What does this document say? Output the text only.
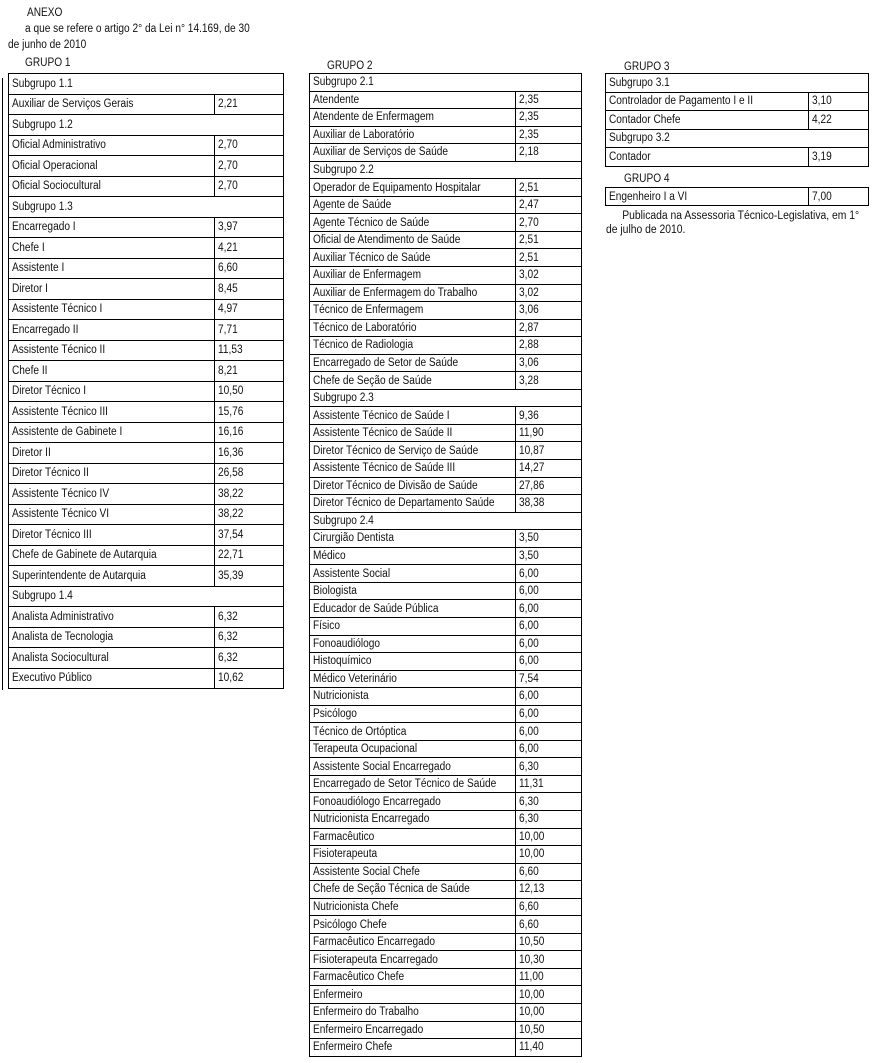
ANEXO
a que se refere o artigo 2° da Lei n° 14.169, de 30
de junho de 2010
GRUPO 1
Subgrupo 1.1	
Auxiliar de Serviços Gerais	2,21
Subgrupo 1.2	
Oficial Administrativo	2,70
Oficial Operacional	2,70
Oficial Sociocultural	2,70
Subgrupo 1.3	
Encarregado I	3,97
Chefe I	4,21
Assistente I	6,60
Diretor I	8,45
Assistente Técnico I	4,97
Encarregado II	7,71
Assistente Técnico II	11,53
Chefe II	8,21
Diretor Técnico I	10,50
Assistente Técnico III	15,76
Assistente de Gabinete I	16,16
Diretor II	16,36
Diretor Técnico II	26,58
Assistente Técnico IV	38,22
Assistente Técnico VI	38,22
Diretor Técnico III	37,54
Chefe de Gabinete de Autarquia	22,71
Superintendente de Autarquia	35,39
Subgrupo 1.4	
Analista Administrativo	6,32
Analista de Tecnologia	6,32
Analista Sociocultural	6,32
Executivo Público	10,62
GRUPO 2
Subgrupo 2.1	
Atendente	2,35
Atendente de Enfermagem	2,35
Auxiliar de Laboratório	2,35
Auxiliar de Serviços de Saúde	2,18
Subgrupo 2.2	
Operador de Equipamento Hospitalar	2,51
Agente de Saúde	2,47
Agente Técnico de Saúde	2,70
Oficial de Atendimento de Saúde	2,51
Auxiliar Técnico de Saúde	2,51
Auxiliar de Enfermagem	3,02
Auxiliar de Enfermagem do Trabalho	3,02
Técnico de Enfermagem	3,06
Técnico de Laboratório	2,87
Técnico de Radiologia	2,88
Encarregado de Setor de Saúde	3,06
Chefe de Seção de Saúde	3,28
Subgrupo 2.3	
Assistente Técnico de Saúde I	9,36
Assistente Técnico de Saúde II	11,90
Diretor Técnico de Serviço de Saúde	10,87
Assistente Técnico de Saúde III	14,27
Diretor Técnico de Divisão de Saúde	27,86
Diretor Técnico de Departamento Saúde	38,38
Subgrupo 2.4	
Cirurgião Dentista	3,50
Médico	3,50
Assistente Social	6,00
Biologista	6,00
Educador de Saúde Pública	6,00
Físico	6,00
Fonoaudiólogo	6,00
Histoquímico	6,00
Médico Veterinário	7,54
Nutricionista	6,00
Psicólogo	6,00
Técnico de Ortóptica	6,00
Terapeuta Ocupacional	6,00
Assistente Social Encarregado	6,30
Encarregado de Setor Técnico de Saúde	11,31
Fonoaudiólogo Encarregado	6,30
Nutricionista Encarregado	6,30
Farmacêutico	10,00
Fisioterapeuta	10,00
Assistente Social Chefe	6,60
Chefe de Seção Técnica de Saúde	12,13
Nutricionista Chefe	6,60
Psicólogo Chefe	6,60
Farmacêutico Encarregado	10,50
Fisioterapeuta Encarregado	10,30
Farmacêutico Chefe	11,00
Enfermeiro	10,00
Enfermeiro do Trabalho	10,00
Enfermeiro Encarregado	10,50
Enfermeiro Chefe	11,40
GRUPO 3
Subgrupo 3.1	
Controlador de Pagamento I e II	3,10
Contador Chefe	4,22
Subgrupo 3.2	
Contador	3,19
GRUPO 4
Engenheiro I a VI	7,00
Publicada na Assessoria Técnico-Legislativa, em 1°
de julho de 2010.
